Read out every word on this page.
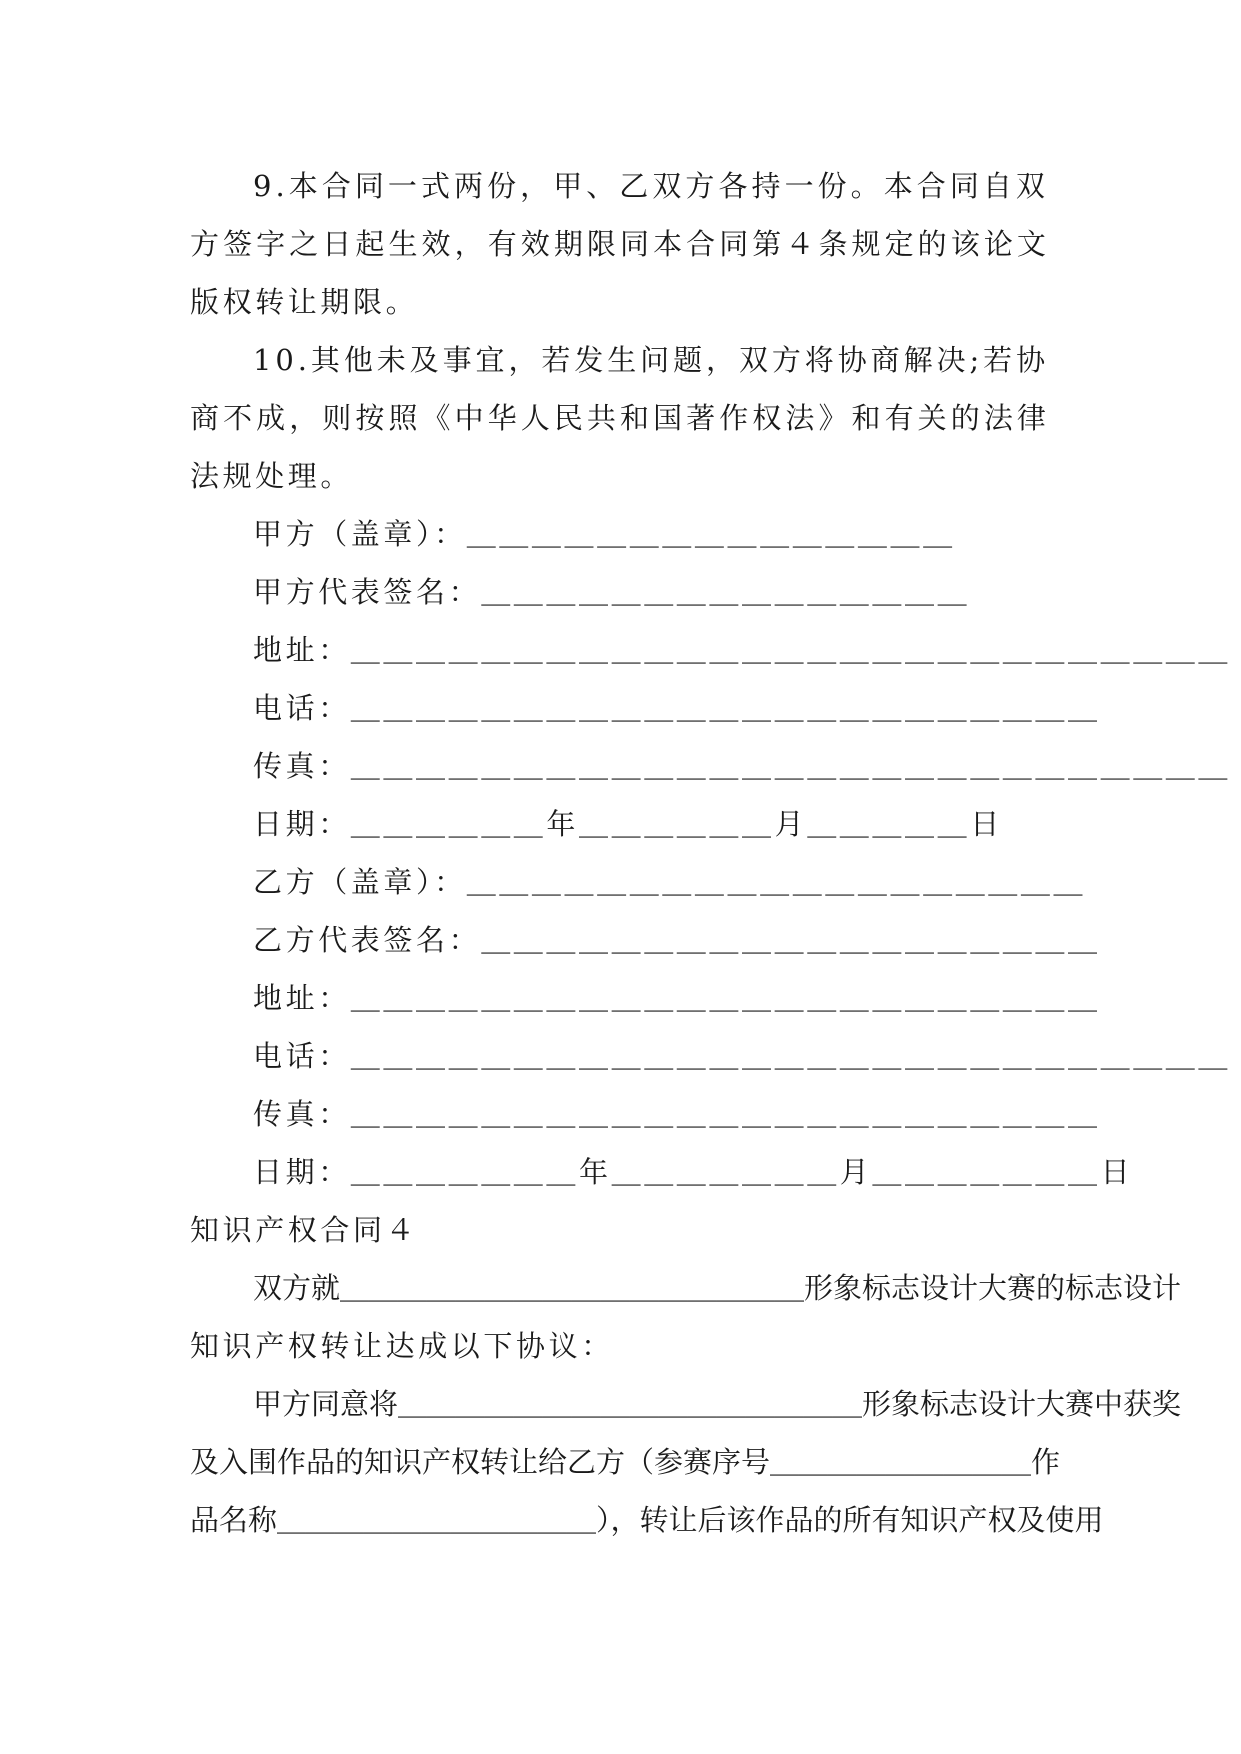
9.本合同一式两份，甲、乙双方各持一份。本合同自双
方签字之日起生效，有效期限同本合同第４条规定的该论文
版权转让期限。
10.其他未及事宜，若发生问题，双方将协商解决;若协
商不成，则按照《中华人民共和国著作权法》和有关的法律
法规处理。
甲方（盖章）：＿＿＿＿＿＿＿＿＿＿＿＿＿＿＿
甲方代表签名：＿＿＿＿＿＿＿＿＿＿＿＿＿＿＿
地址：＿＿＿＿＿＿＿＿＿＿＿＿＿＿＿＿＿＿＿＿＿＿＿＿＿＿＿
电话：＿＿＿＿＿＿＿＿＿＿＿＿＿＿＿＿＿＿＿＿＿＿＿
传真：＿＿＿＿＿＿＿＿＿＿＿＿＿＿＿＿＿＿＿＿＿＿＿＿＿＿＿
日期：＿＿＿＿＿＿年＿＿＿＿＿＿月＿＿＿＿＿日
乙方（盖章）：＿＿＿＿＿＿＿＿＿＿＿＿＿＿＿＿＿＿＿
乙方代表签名：＿＿＿＿＿＿＿＿＿＿＿＿＿＿＿＿＿＿＿
地址：＿＿＿＿＿＿＿＿＿＿＿＿＿＿＿＿＿＿＿＿＿＿＿
电话：＿＿＿＿＿＿＿＿＿＿＿＿＿＿＿＿＿＿＿＿＿＿＿＿＿＿＿
传真：＿＿＿＿＿＿＿＿＿＿＿＿＿＿＿＿＿＿＿＿＿＿＿
日期：＿＿＿＿＿＿＿年＿＿＿＿＿＿＿月＿＿＿＿＿＿＿日
知识产权合同４
双方就＿＿＿＿＿＿＿＿＿＿＿＿＿＿＿＿形象标志设计大赛的标志设计
知识产权转让达成以下协议：
甲方同意将＿＿＿＿＿＿＿＿＿＿＿＿＿＿＿＿形象标志设计大赛中获奖
及入围作品的知识产权转让给乙方（参赛序号＿＿＿＿＿＿＿＿＿作
品名称＿＿＿＿＿＿＿＿＿＿＿），转让后该作品的所有知识产权及使用
